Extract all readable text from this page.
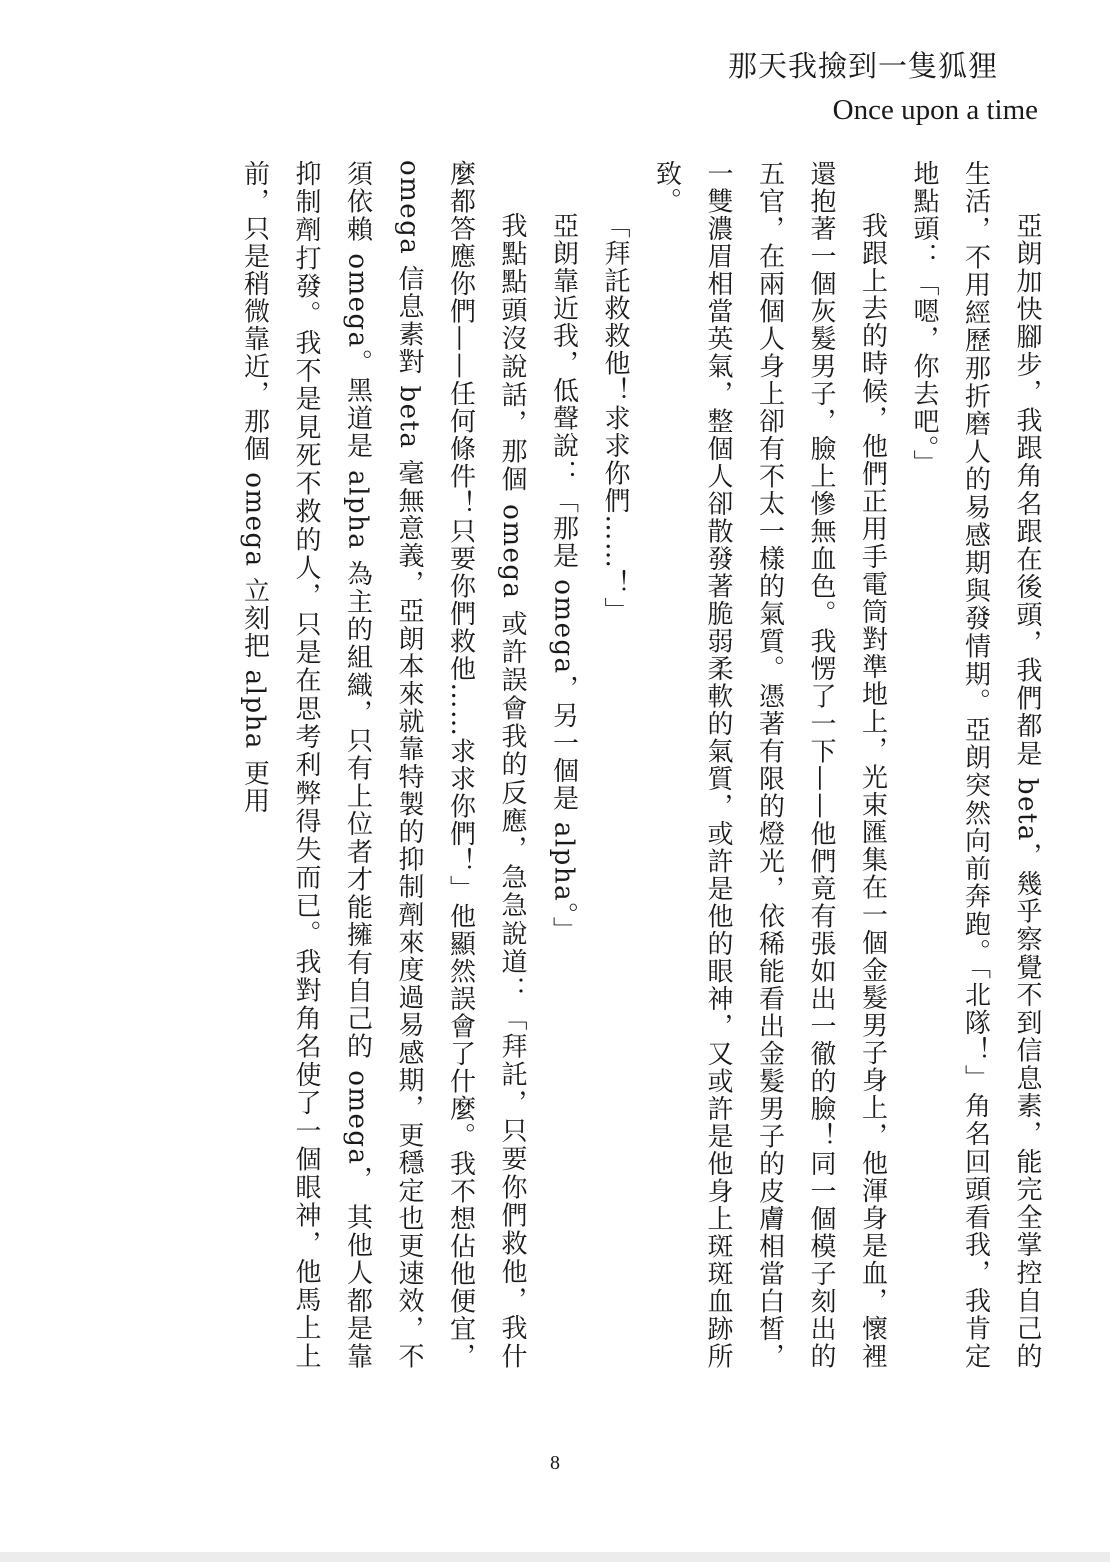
那天我撿到一隻狐狸
Once upon a time

亞朗加快腳步，我跟角名跟在後頭，我們都是 beta，幾乎察覺不到信息素，能完全掌控自己的生活，不用經歷那折磨人的易感期與發情期。亞朗突然向前奔跑。「北隊！」角名回頭看我，我肯定地點頭：「嗯，你去吧。」

我跟上去的時候，他們正用手電筒對準地上，光束匯集在一個金髮男子身上，他渾身是血，懷裡還抱著一個灰髮男子，臉上慘無血色。我愣了一下——他們竟有張如出一徹的臉！同一個模子刻出的五官，在兩個人身上卻有不太一樣的氣質。憑著有限的燈光，依稀能看出金髮男子的皮膚相當白皙，一雙濃眉相當英氣，整個人卻散發著脆弱柔軟的氣質，或許是他的眼神，又或許是他身上斑斑血跡所致。

「拜託救救他！求求你們……！」

亞朗靠近我，低聲說：「那是 omega，另一個是 alpha。」

我點點頭沒說話，那個 omega 或許誤會我的反應，急急說道：「拜託，只要你們救他，我什麼都答應你們——任何條件！只要你們救他……求求你們！」他顯然誤會了什麼。我不想佔他便宜，omega 信息素對 beta 毫無意義，亞朗本來就靠特製的抑制劑來度過易感期，更穩定也更速效，不須依賴 omega。黑道是 alpha 為主的組織，只有上位者才能擁有自己的 omega， 其他人都是靠抑制劑打發。我不是見死不救的人，只是在思考利弊得失而已。我對角名使了一個眼神，他馬上上前，只是稍微靠近，那個 omega 立刻把 alpha 更用

8
